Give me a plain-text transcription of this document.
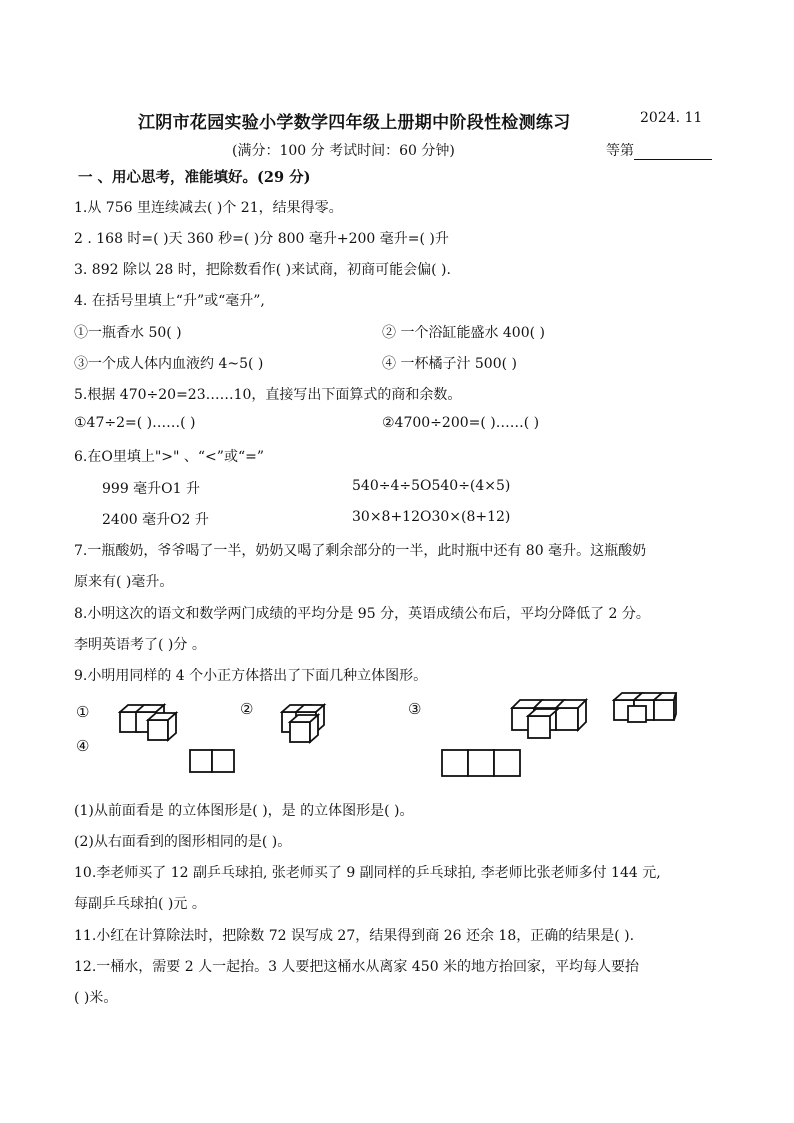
江阴市花园实验小学数学四年级上册期中阶段性检测练习	2024. 11
(满分：100 分 考试时间：60 分钟)	等第
一 、用心思考，准能填好。(29 分)
1.从 756 里连续减去( )个 21，结果得零。
2 . 168 时=( )天 360 秒=( )分 800 毫升+200 毫升=( )升
3. 892 除以 28 时，把除数看作( )来试商，初商可能会偏( ).
4. 在括号里填上“升”或“毫升”,
①一瓶香水 50( )	② 一个浴缸能盛水 400( )
③一个成人体内血液约 4~5( )	④ 一杯橘子汁 500( )
5.根据 470÷20=23……10，直接写出下面算式的商和余数。
①47÷2=( )……( )	②4700÷200=( )……( )
6.在O里填上">" 、“<”或“=”
999 毫升O1 升	540÷4÷5O540÷(4×5)
2400 毫升O2 升	30×8+12O30×(8+12)
7.一瓶酸奶，爷爷喝了一半，奶奶又喝了剩余部分的一半，此时瓶中还有 80 毫升。这瓶酸奶
原来有( )毫升。
8.小明这次的语文和数学两门成绩的平均分是 95 分，英语成绩公布后，平均分降低了 2 分。
李明英语考了( )分 。
9.小明用同样的 4 个小正方体搭出了下面几种立体图形。
①	②	③
④
(1)从前面看是 的立体图形是( )，是 的立体图形是( )。
(2)从右面看到的图形相同的是( )。
10.李老师买了 12 副乒乓球拍, 张老师买了 9 副同样的乒乓球拍, 李老师比张老师多付 144 元,
每副乒乓球拍( )元 。
11.小红在计算除法时，把除数 72 误写成 27，结果得到商 26 还余 18，正确的结果是( ).
12.一桶水，需要 2 人一起抬。3 人要把这桶水从离家 450 米的地方抬回家，平均每人要抬
( )米。
